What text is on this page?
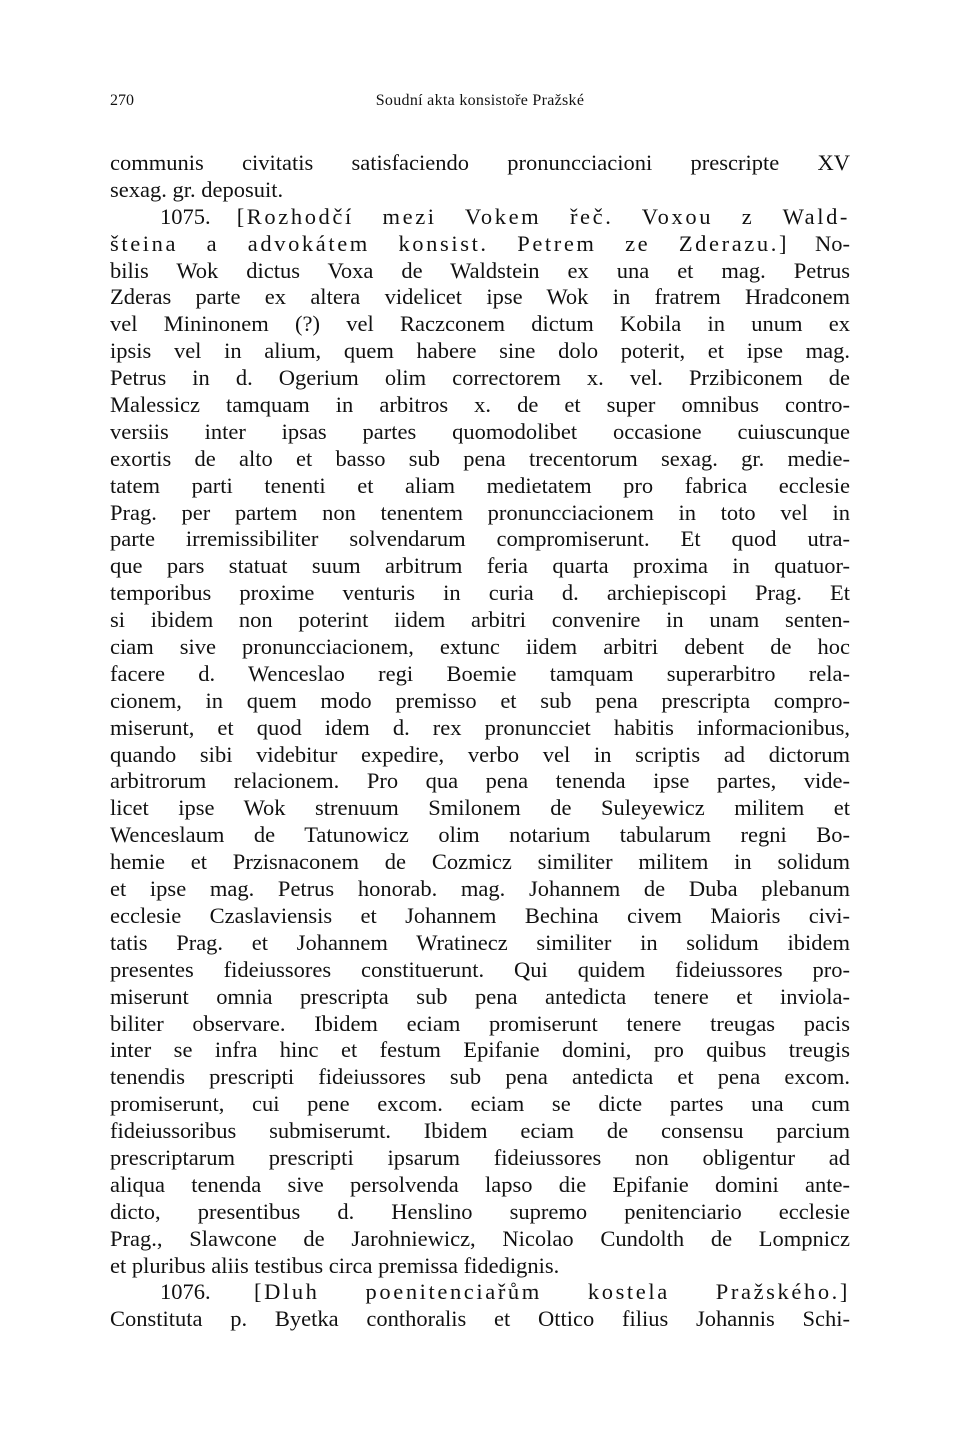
270	Soudní akta konsistoře Pražské
communis civitatis satisfaciendo pronuncciacioni prescripte XV
sexag. gr. deposuit.
1075. [Rozhodčí mezi Vokem řeč. Voxou z Wald-
šteina a advokátem konsist. Petrem ze Zderazu.] No-
bilis Wok dictus Voxa de Waldstein ex una et mag. Petrus
Zderas parte ex altera videlicet ipse Wok in fratrem Hradconem
vel Mininonem (?) vel Raczconem dictum Kobila in unum ex
ipsis vel in alium, quem habere sine dolo poterit, et ipse mag.
Petrus in d. Ogerium olim correctorem x. vel. Przibiconem de
Malessicz tamquam in arbitros x. de et super omnibus contro-
versiis inter ipsas partes quomodolibet occasione cuiuscunque
exortis de alto et basso sub pena trecentorum sexag. gr. medie-
tatem parti tenenti et aliam medietatem pro fabrica ecclesie
Prag. per partem non tenentem pronuncciacionem in toto vel in
parte irremissibiliter solvendarum compromiserunt. Et quod utra-
que pars statuat suum arbitrum feria quarta proxima in quatuor-
temporibus proxime venturis in curia d. archiepiscopi Prag. Et
si ibidem non poterint iidem arbitri convenire in unam senten-
ciam sive pronuncciacionem, extunc iidem arbitri debent de hoc
facere d. Wenceslao regi Boemie tamquam superarbitro rela-
cionem, in quem modo premisso et sub pena prescripta compro-
miserunt, et quod idem d. rex pronuncciet habitis informacionibus,
quando sibi videbitur expedire, verbo vel in scriptis ad dictorum
arbitrorum relacionem. Pro qua pena tenenda ipse partes, vide-
licet ipse Wok strenuum Smilonem de Suleyewicz militem et
Wenceslaum de Tatunowicz olim notarium tabularum regni Bo-
hemie et Przisnaconem de Cozmicz similiter militem in solidum
et ipse mag. Petrus honorab. mag. Johannem de Duba plebanum
ecclesie Czaslaviensis et Johannem Bechina civem Maioris civi-
tatis Prag. et Johannem Wratinecz similiter in solidum ibidem
presentes fideiussores constituerunt. Qui quidem fideiussores pro-
miserunt omnia prescripta sub pena antedicta tenere et inviola-
biliter observare. Ibidem eciam promiserunt tenere treugas pacis
inter se infra hinc et festum Epifanie domini, pro quibus treugis
tenendis prescripti fideiussores sub pena antedicta et pena excom.
promiserunt, cui pene excom. eciam se dicte partes una cum
fideiussoribus submiserumt. Ibidem eciam de consensu parcium
prescriptarum prescripti ipsarum fideiussores non obligentur ad
aliqua tenenda sive persolvenda lapso die Epifanie domini ante-
dicto, presentibus d. Henslino supremo penitenciario ecclesie
Prag., Slawcone de Jarohniewicz, Nicolao Cundolth de Lompnicz
et pluribus aliis testibus circa premissa fidedignis.
1076. [Dluh poenitenciařům kostela Pražského.]
Constituta p. Byetka conthoralis et Ottico filius Johannis Schi-
